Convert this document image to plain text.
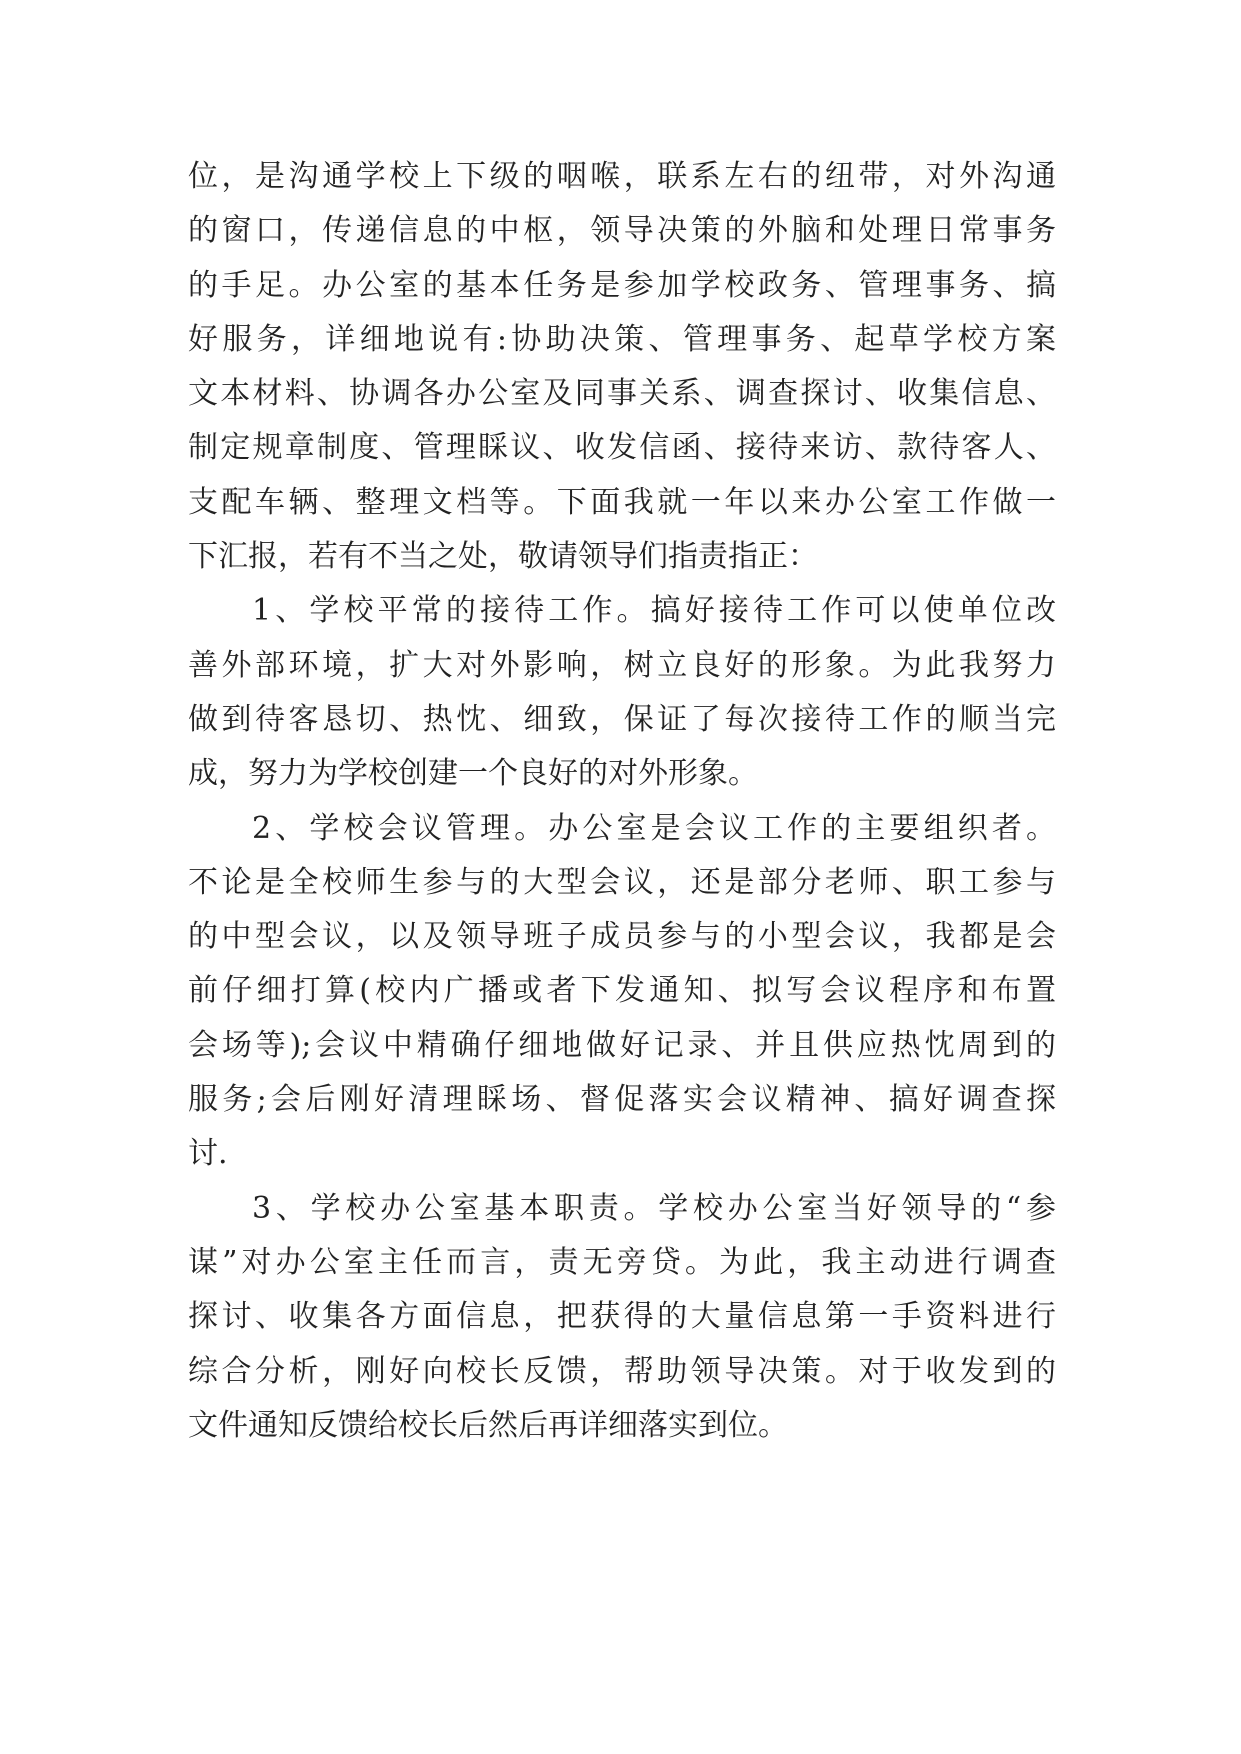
位，是沟通学校上下级的咽喉，联系左右的纽带，对外沟通
的窗口，传递信息的中枢，领导决策的外脑和处理日常事务
的手足。办公室的基本任务是参加学校政务、管理事务、搞
好服务，详细地说有:协助决策、管理事务、起草学校方案
文本材料、协调各办公室及同事关系、调查探讨、收集信息、
制定规章制度、管理睬议、收发信函、接待来访、款待客人、
支配车辆、整理文档等。下面我就一年以来办公室工作做一
下汇报，若有不当之处，敬请领导们指责指正：
1、学校平常的接待工作。搞好接待工作可以使单位改
善外部环境，扩大对外影响，树立良好的形象。为此我努力
做到待客恳切、热忱、细致，保证了每次接待工作的顺当完
成，努力为学校创建一个良好的对外形象。
2、学校会议管理。办公室是会议工作的主要组织者。
不论是全校师生参与的大型会议，还是部分老师、职工参与
的中型会议，以及领导班子成员参与的小型会议，我都是会
前仔细打算(校内广播或者下发通知、拟写会议程序和布置
会场等);会议中精确仔细地做好记录、并且供应热忱周到的
服务;会后刚好清理睬场、督促落实会议精神、搞好调查探
讨.
3、学校办公室基本职责。学校办公室当好领导的“参
谋”对办公室主任而言，责无旁贷。为此，我主动进行调查
探讨、收集各方面信息，把获得的大量信息第一手资料进行
综合分析，刚好向校长反馈，帮助领导决策。对于收发到的
文件通知反馈给校长后然后再详细落实到位。
